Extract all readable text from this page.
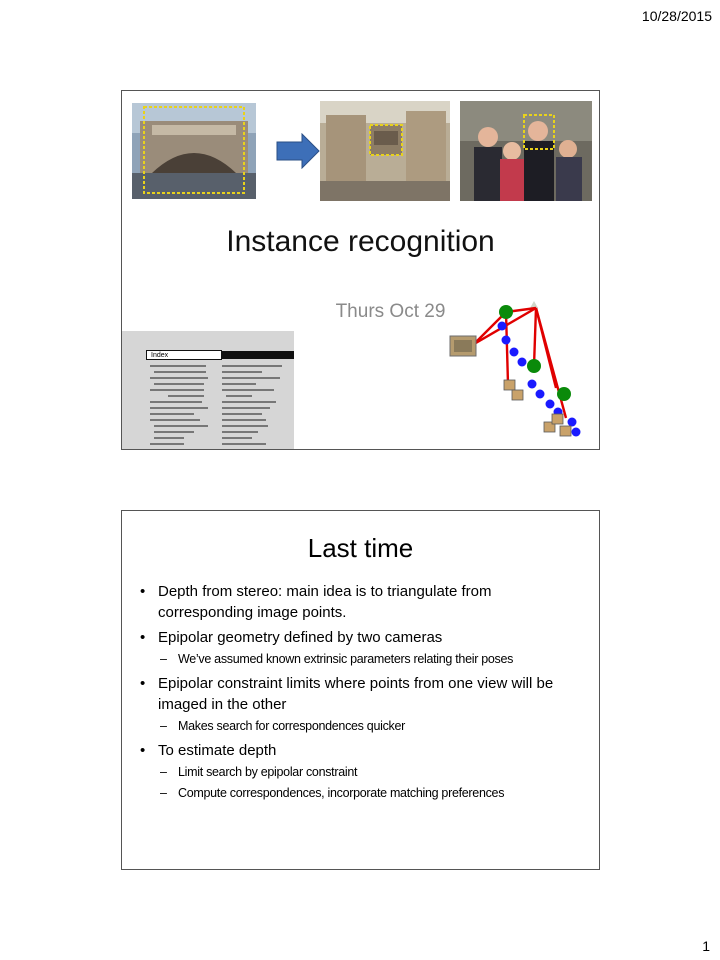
10/28/2015
Instance recognition
Thurs Oct 29
Index
Last time
• Depth from stereo: main idea is to triangulate from corresponding image points.
• Epipolar geometry defined by two cameras
– We’ve assumed known extrinsic parameters relating their poses
• Epipolar constraint limits where points from one view will be imaged in the other
– Makes search for correspondences quicker
• To estimate depth
– Limit search by epipolar constraint
– Compute correspondences, incorporate matching preferences
1
